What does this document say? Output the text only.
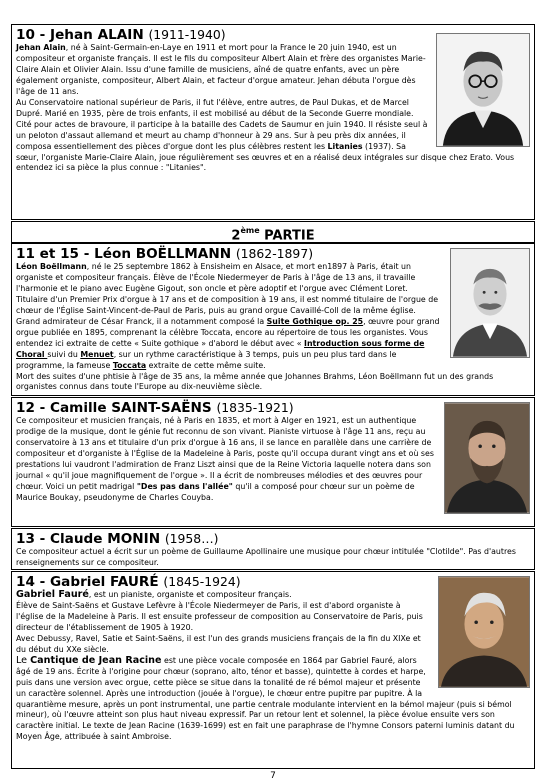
10 - Jehan ALAIN (1911-1940)

Jehan Alain, né à Saint-Germain-en-Laye en 1911 et mort pour la France le 20 juin 1940, est un compositeur et organiste français. Il est le fils du compositeur Albert Alain et frère des organistes Marie-Claire Alain et Olivier Alain. Issu d'une famille de musiciens, aîné de quatre enfants, avec un père également organiste, compositeur, Albert Alain, et facteur d'orgue amateur. Jehan débuta l'orgue dès l'âge de 11 ans.

Au Conservatoire national supérieur de Paris, il fut l'élève, entre autres, de Paul Dukas, et de Marcel Dupré. Marié en 1935, père de trois enfants, il est mobilisé au début de la Seconde Guerre mondiale. Cité pour actes de bravoure, il participe à la bataille des Cadets de Saumur en juin 1940. Il résiste seul à un peloton d'assaut allemand et meurt au champ d'honneur à 29 ans. Sur à peu près dix années, il composa essentiellement des pièces d'orgue dont les plus célèbres restent les Litanies (1937). Sa sœur, l'organiste Marie-Claire Alain, joue régulièrement ses œuvres et en a réalisé deux intégrales sur disque chez Erato. Vous entendez ici sa pièce la plus connue : "Litanies".

2ème PARTIE
11 et 15 - Léon BOËLLMANN (1862-1897)

Léon Boëllmann, né le 25 septembre 1862 à Ensisheim en Alsace, et mort en1897 à Paris, était un organiste et compositeur français. Élève de l'École Niedermeyer de Paris à l'âge de 13 ans, il travaille l'harmonie et le piano avec Eugène Gigout, son oncle et père adoptif et l'orgue avec Clément Loret. Titulaire d'un Premier Prix d'orgue à 17 ans et de composition à 19 ans, il est nommé titulaire de l'orgue de chœur de l'Église Saint-Vincent-de-Paul de Paris, puis au grand orgue Cavaillé-Coll de la même église.

Grand admirateur de César Franck, il a notamment composé la Suite Gothique op. 25, œuvre pour grand orgue publiée en 1895, comprenant la célèbre Toccata, encore au répertoire de tous les organistes. Vous entendez ici extraite de cette « Suite gothique » d'abord le début avec « Introduction sous forme de Choral suivi du Menuet, sur un rythme caractéristique à 3 temps, puis un peu plus tard dans le programme, la fameuse Toccata extraite de cette même suite.

Mort des suites d'une phtisie à l'âge de 35 ans, la même année que Johannes Brahms, Léon Boëllmann fut un des grands organistes connus dans toute l'Europe au dix-neuvième siècle.

12 - Camille SAINT-SAËNS (1835-1921)

Ce compositeur et musicien français, né à Paris en 1835, et mort à Alger en 1921, est un authentique prodige de la musique, dont le génie fut reconnu de son vivant. Pianiste virtuose à l'âge 11 ans, reçu au conservatoire à 13 ans et titulaire d'un prix d'orgue à 16 ans, il se lance en parallèle dans une carrière de compositeur et d'organiste à l'Église de la Madeleine à Paris, poste qu'il occupa durant vingt ans et où ses prestations lui vaudront l'admiration de Franz Liszt ainsi que de la Reine Victoria laquelle notera dans son journal « qu'il joue magnifiquement de l'orgue ». Il a écrit de nombreuses mélodies et des œuvres pour chœur. Voici un petit madrigal "Des pas dans l'allée" qu'il a composé pour chœur sur un poème de Maurice Boukay, pseudonyme de Charles Couyba.

13 - Claude MONIN (1958…)

Ce compositeur actuel a écrit sur un poème de Guillaume Apollinaire une musique pour chœur intitulée "Clotilde". Pas d'autres renseignements sur ce compositeur.

14 - Gabriel FAURÉ (1845-1924)

Gabriel Fauré, est un pianiste, organiste et compositeur français.

Élève de Saint-Saëns et Gustave Lefèvre à l'École Niedermeyer de Paris, il est d'abord organiste à l'église de la Madeleine à Paris. Il est ensuite professeur de composition au Conservatoire de Paris, puis directeur de l'établissement de 1905 à 1920.

Avec Debussy, Ravel, Satie et Saint-Saëns, il est l'un des grands musiciens français de la fin du XIXe et du début du XXe siècle.

Le Cantique de Jean Racine est une pièce vocale composée en 1864 par Gabriel Fauré, alors âgé de 19 ans. Écrite à l'origine pour chœur (soprano, alto, ténor et basse), quintette à cordes et harpe, puis dans une version avec orgue, cette pièce se situe dans la tonalité de ré bémol majeur et présente un caractère solennel. Après une introduction (jouée à l'orgue), le chœur entre pupitre par pupitre. À la quarantième mesure, après un pont instrumental, une partie centrale modulante intervient en la bémol majeur (puis si bémol mineur), où l'œuvre atteint son plus haut niveau expressif. Par un retour lent et solennel, la pièce évolue ensuite vers son caractère initial. Le texte de Jean Racine (1639-1699) est en fait une paraphrase de l'hymne Consors paterni luminis datant du Moyen Âge, attribuée à saint Ambroise.

7
